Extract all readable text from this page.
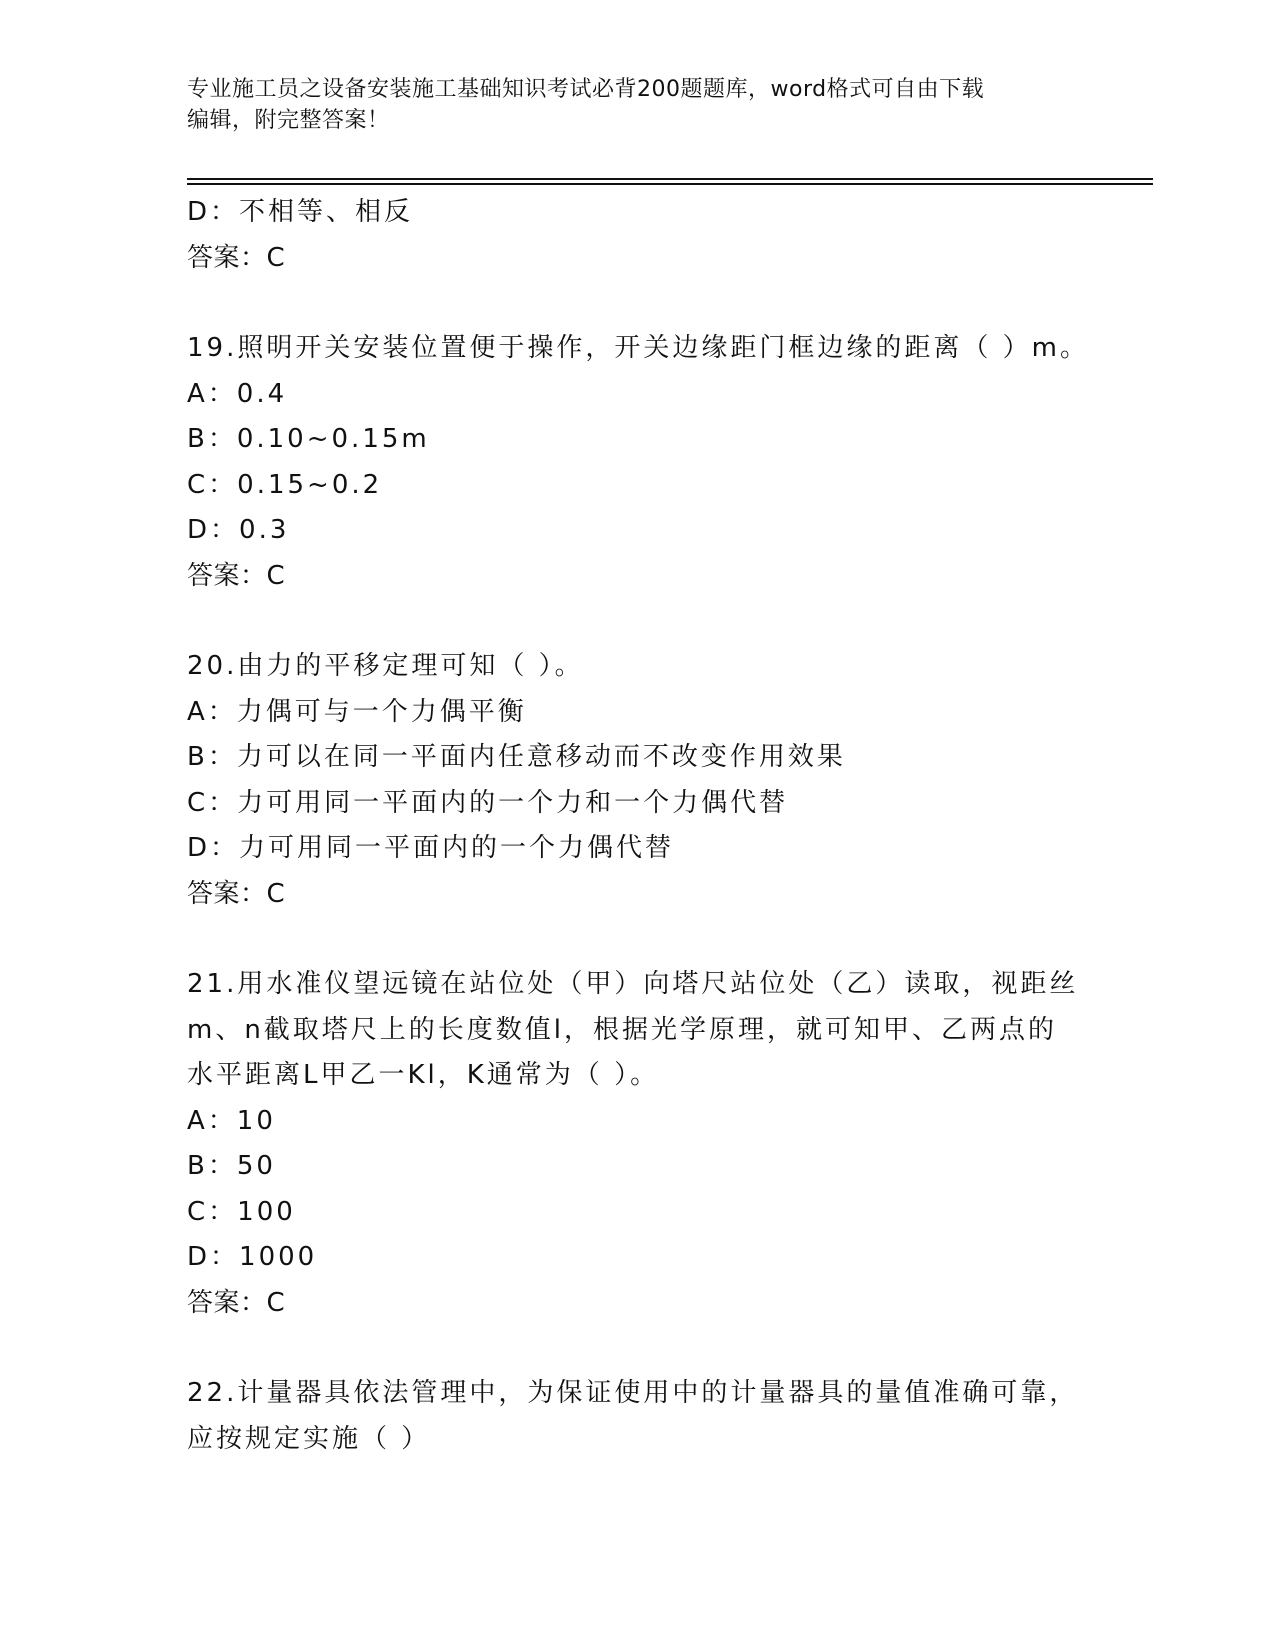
专业施工员之设备安装施工基础知识考试必背200题题库，word格式可自由下载
编辑，附完整答案！
D：不相等、相反
答案：C
19.照明开关安装位置便于操作，开关边缘距门框边缘的距离（ ）m。
A：0.4
B：0.10~0.15m
C：0.15~0.2
D：0.3
答案：C
20.由力的平移定理可知（ ）。
A：力偶可与一个力偶平衡
B：力可以在同一平面内任意移动而不改变作用效果
C：力可用同一平面内的一个力和一个力偶代替
D：力可用同一平面内的一个力偶代替
答案：C
21.用水准仪望远镜在站位处（甲）向塔尺站位处（乙）读取，视距丝
m、n截取塔尺上的长度数值l，根据光学原理，就可知甲、乙两点的
水平距离L甲乙一Kl，K通常为（ ）。
A：10
B：50
C：100
D：1000
答案：C
22.计量器具依法管理中，为保证使用中的计量器具的量值准确可靠，
应按规定实施（ ）
